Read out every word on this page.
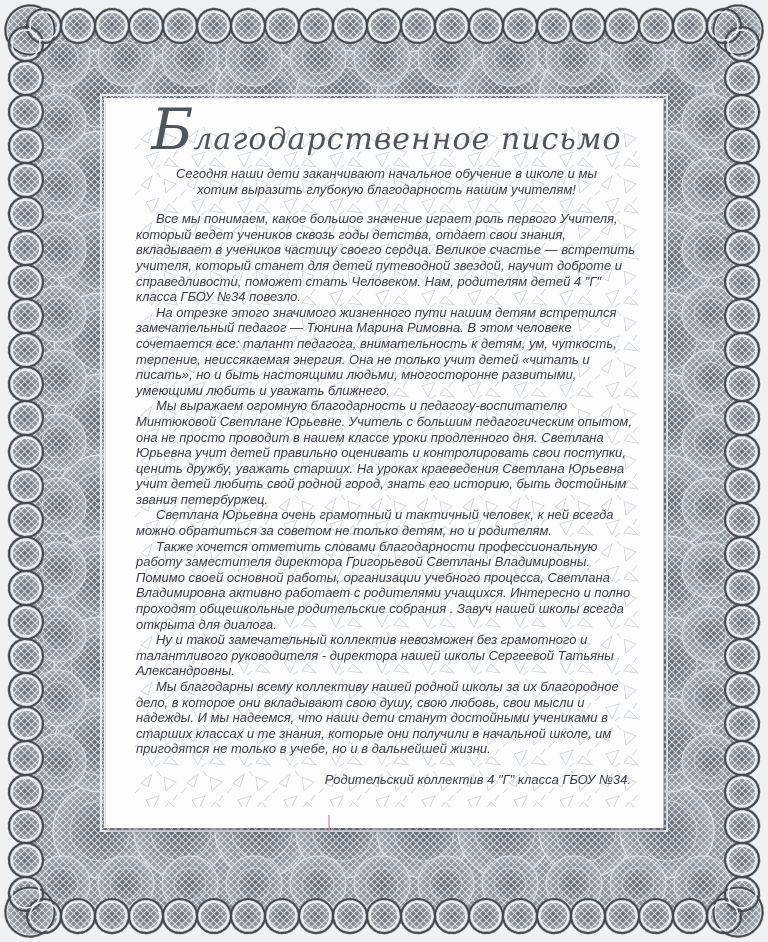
Благодарственное письмо

Сегодня наши дети заканчивают начальное обучение в школе и мы хотим выразить глубокую благодарность нашим учителям!

Все мы понимаем, какое большое значение играет роль первого Учителя, который ведет учеников сквозь годы детства, отдает свои знания, вкладывает в учеников частицу своего сердца. Великое счастье — встретить учителя, который станет для детей путеводной звездой, научит доброте и справедливости, поможет стать Человеком. Нам, родителям детей 4 "Г" класса ГБОУ №34 повезло.

На отрезке этого значимого жизненного пути нашим детям встретился замечательный педагог — Тюнина Марина Римовна. В этом человеке сочетается все: талант педагога, внимательность к детям, ум, чуткость, терпение, неиссякаемая энергия. Она не только учит детей «читать и писать», но и быть настоящими людьми, многосторонне развитыми, умеющими любить и уважать ближнего.

Мы выражаем огромную благодарность и педагогу-воспитателю Минтюковой Светлане Юрьевне. Учитель с большим педагогическим опытом, она не просто проводит в нашем классе уроки продленного дня. Светлана Юрьевна учит детей правильно оценивать и контролировать свои поступки, ценить дружбу, уважать старших. На уроках краеведения Светлана Юрьевна учит детей любить свой родной город, знать его историю, быть достойным звания петербуржец.

Светлана Юрьевна очень грамотный и тактичный человек, к ней всегда можно обратиться за советом не только детям, но и родителям.

Также хочется отметить словами благодарности профессиональную работу заместителя директора Григорьевой Светланы Владимировны. Помимо своей основной работы, организации учебного процесса, Светлана Владимировна активно работает с родителями учащихся. Интересно и полно проходят общешкольные родительские собрания . Завуч нашей школы всегда открыта для диалога.

Ну и такой замечательный коллектив невозможен без грамотного и талантливого руководителя - директора нашей школы Сергеевой Татьяны Александровны.

Мы благодарны всему коллективу нашей родной школы за их благородное дело, в которое они вкладывают свою душу, свою любовь, свои мысли и надежды. И мы надеемся, что наши дети станут достойными учениками в старших классах и те знания, которые они получили в начальной школе, им пригодятся не только в учебе, но и в дальнейшей жизни.

Родительский коллектив 4 "Г" класса ГБОУ №34.
